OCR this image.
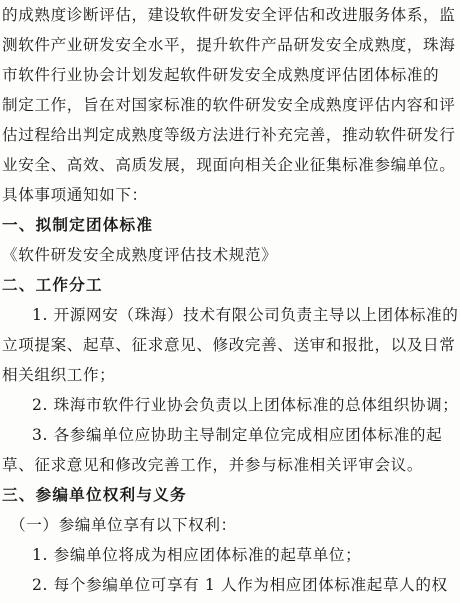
的成熟度诊断评估，建设软件研发安全评估和改进服务体系，监
测软件产业研发安全水平，提升软件产品研发安全成熟度，珠海
市软件行业协会计划发起软件研发安全成熟度评估团体标准的
制定工作，旨在对国家标准的软件研发安全成熟度评估内容和评
估过程给出判定成熟度等级方法进行补充完善，推动软件研发行
业安全、高效、高质发展，现面向相关企业征集标准参编单位。
具体事项通知如下：
一、拟制定团体标准
《软件研发安全成熟度评估技术规范》
二、工作分工
1. 开源网安（珠海）技术有限公司负责主导以上团体标准的
立项提案、起草、征求意见、修改完善、送审和报批，以及日常
相关组织工作；
2. 珠海市软件行业协会负责以上团体标准的总体组织协调；
3. 各参编单位应协助主导制定单位完成相应团体标准的起
草、征求意见和修改完善工作，并参与标准相关评审会议。
三、参编单位权利与义务
（一）参编单位享有以下权利：
1. 参编单位将成为相应团体标准的起草单位；
2. 每个参编单位可享有 1 人作为相应团体标准起草人的权
